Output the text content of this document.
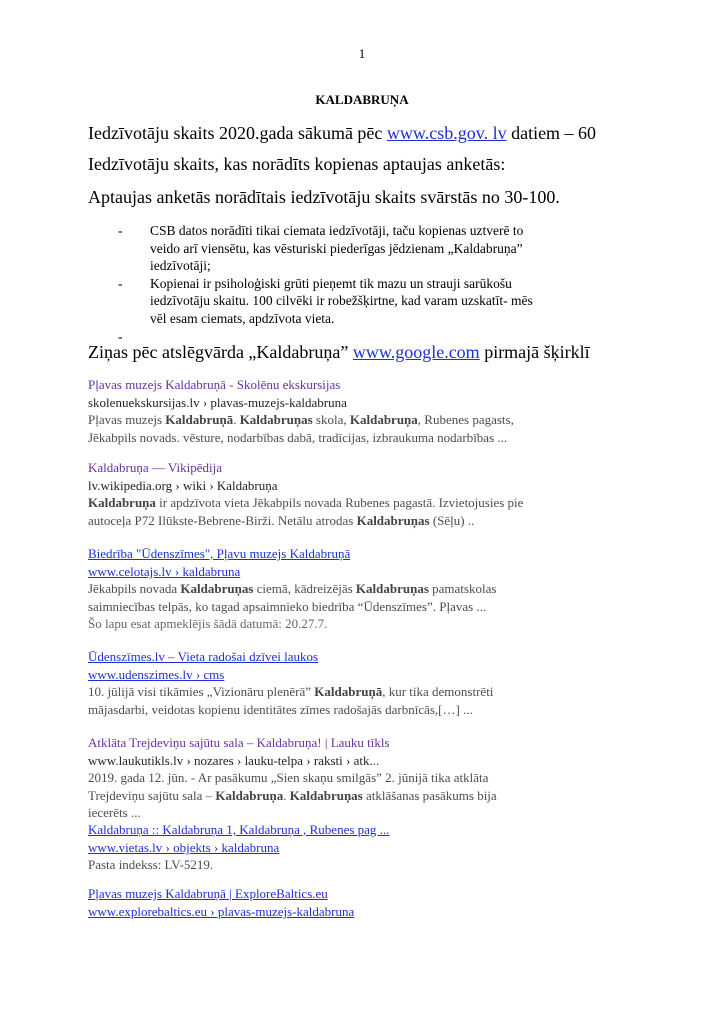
1
KALDABRUŅA
Iedzīvotāju skaits 2020.gada sākumā pēc www.csb.gov. lv datiem – 60
Iedzīvotāju skaits, kas norādīts kopienas aptaujas anketās:
Aptaujas anketās norādītais iedzīvotāju skaits svārstās no 30-100.
-	CSB datos norādīti tikai ciemata iedzīvotāji, taču kopienas uztverē to veido arī viensētu, kas vēsturiski piederīgas jēdzienam „Kaldabruņa” iedzīvotāji;
-	Kopienai ir psiholoģiski grūti pieņemt tik mazu un strauji sarūkošu iedzīvotāju skaitu. 100 cilvēki ir robežšķirtne, kad varam uzskatīt- mēs vēl esam ciemats, apdzīvota vieta.
-
Ziņas pēc atslēgvārda „Kaldabruņa” www.google.com pirmajā šķirklī
Pļavas muzejs Kaldabruņā - Skolēnu ekskursijas
skolenuekskursijas.lv › plavas-muzejs-kaldabruna
Pļavas muzejs Kaldabruņā. Kaldabruņas skola, Kaldabruņa, Rubenes pagasts,
Jēkabpils novads. vēsture, nodarbības dabā, tradīcijas, izbraukuma nodarbības ...
Kaldabruņa — Vikipēdija
lv.wikipedia.org › wiki › Kaldabruņa
Kaldabruņa ir apdzīvota vieta Jēkabpils novada Rubenes pagastā. Izvietojusies pie
autoceļa P72 Ilūkste-Bebrene-Birži. Netālu atrodas Kaldabruņas (Sēļu) ..
Biedrība "Ūdenszīmes", Pļavu muzejs Kaldabruņā
www.celotajs.lv › kaldabruna
Jēkabpils novada Kaldabruņas ciemā, kādreizējās Kaldabruņas pamatskolas
saimniecības telpās, ko tagad apsaimnieko biedrība “Ūdenszīmes”. Pļavas ...
Šo lapu esat apmeklējis šādā datumā: 20.27.7.
Ūdenszīmes.lv – Vieta radošai dzīvei laukos
www.udenszimes.lv › cms
10. jūlijā visi tikāmies „Vizionāru plenērā” Kaldabruņā, kur tika demonstrēti
mājasdarbi, veidotas kopienu identitātes zīmes radošajās darbnīcās,[…] ...
Atklāta Trejdeviņu sajūtu sala – Kaldabruņa! | Lauku tīkls
www.laukutikls.lv › nozares › lauku-telpa › raksti › atk...
2019. gada 12. jūn. - Ar pasākumu „Sien skaņu smilgās” 2. jūnijā tika atklāta
Trejdeviņu sajūtu sala – Kaldabruņa. Kaldabruņas atklāšanas pasākums bija
iecerēts ...
Kaldabruņa :: Kaldabruņa 1, Kaldabruņa , Rubenes pag ...
www.vietas.lv › objekts › kaldabruna
Pasta indekss: LV-5219.
Pļavas muzejs Kaldabruņā | ExploreBaltics.eu
www.explorebaltics.eu › plavas-muzejs-kaldabruna
